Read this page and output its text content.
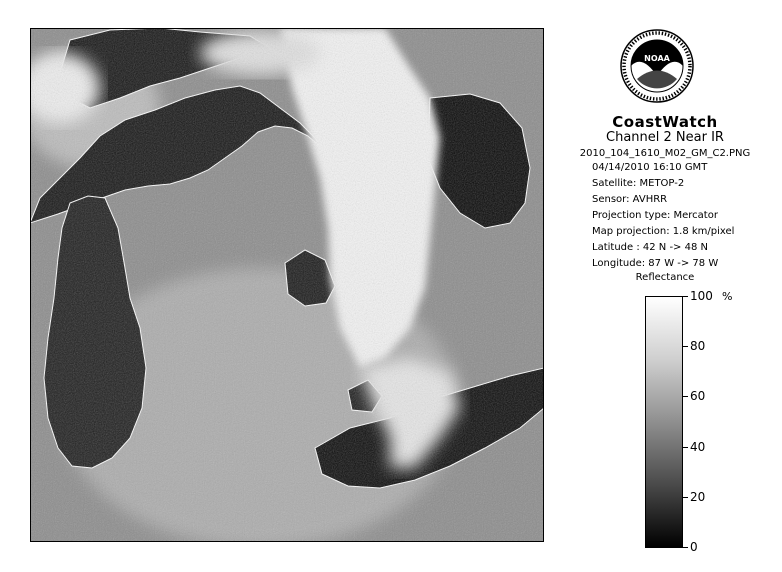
NOAA
CoastWatch
Channel 2 Near IR
2010_104_1610_M02_GM_C2.PNG
04/14/2010 16:10 GMT
Satellite: METOP-2
Sensor: AVHRR
Projection type: Mercator
Map projection: 1.8 km/pixel
Latitude : 42 N -> 48 N
Longitude: 87 W -> 78 W
Reflectance
%
100
80
60
40
20
0
